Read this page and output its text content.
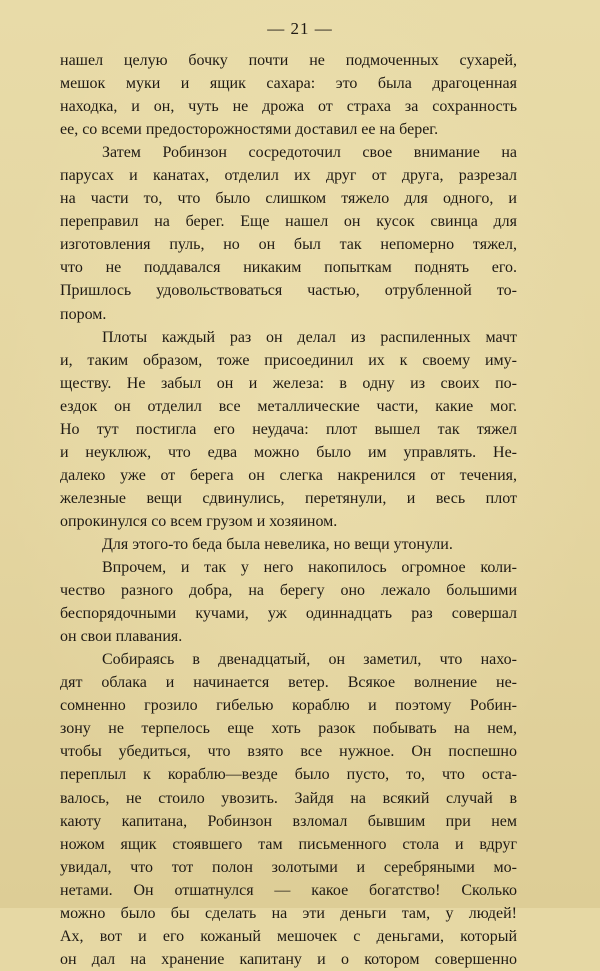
— 21 —
нашел целую бочку почти не подмоченных сухарей,
мешок муки и ящик сахара: это была драгоценная
находка, и он, чуть не дрожа от страха за сохранность
ее, со всеми предосторожностями доставил ее на берег.
Затем Робинзон сосредоточил свое внимание на
парусах и канатах, отделил их друг от друга, разрезал
на части то, что было слишком тяжело для одного, и
переправил на берег. Еще нашел он кусок свинца для
изготовления пуль, но он был так непомерно тяжел,
что не поддавался никаким попыткам поднять его.
Пришлось удовольствоваться частью, отрубленной то-
пором.
Плоты каждый раз он делал из распиленных мачт
и, таким образом, тоже присоединил их к своему иму-
ществу. Не забыл он и железа: в одну из своих по-
ездок он отделил все металлические части, какие мог.
Но тут постигла его неудача: плот вышел так тяжел
и неуклюж, что едва можно было им управлять. Не-
далеко уже от берега он слегка накренился от течения,
железные вещи сдвинулись, перетянули, и весь плот
опрокинулся со всем грузом и хозяином.
Для этого-то беда была невелика, но вещи утонули.
Впрочем, и так у него накопилось огромное коли-
чество разного добра, на берегу оно лежало большими
беспорядочными кучами, уж одиннадцать раз совершал
он свои плавания.
Собираясь в двенадцатый, он заметил, что нахо-
дят облака и начинается ветер. Всякое волнение не-
сомненно грозило гибелью кораблю и поэтому Робин-
зону не терпелось еще хоть разок побывать на нем,
чтобы убедиться, что взято все нужное. Он поспешно
переплыл к кораблю—везде было пусто, то, что оста-
валось, не стоило увозить. Зайдя на всякий случай в
каюту капитана, Робинзон взломал бывшим при нем
ножом ящик стоявшего там письменного стола и вдруг
увидал, что тот полон золотыми и серебряными мо-
нетами. Он отшатнулся — какое богатство! Сколько
можно было бы сделать на эти деньги там, у людей!
Ах, вот и его кожаный мешочек с деньгами, который
он дал на хранение капитану и о котором совершенно
